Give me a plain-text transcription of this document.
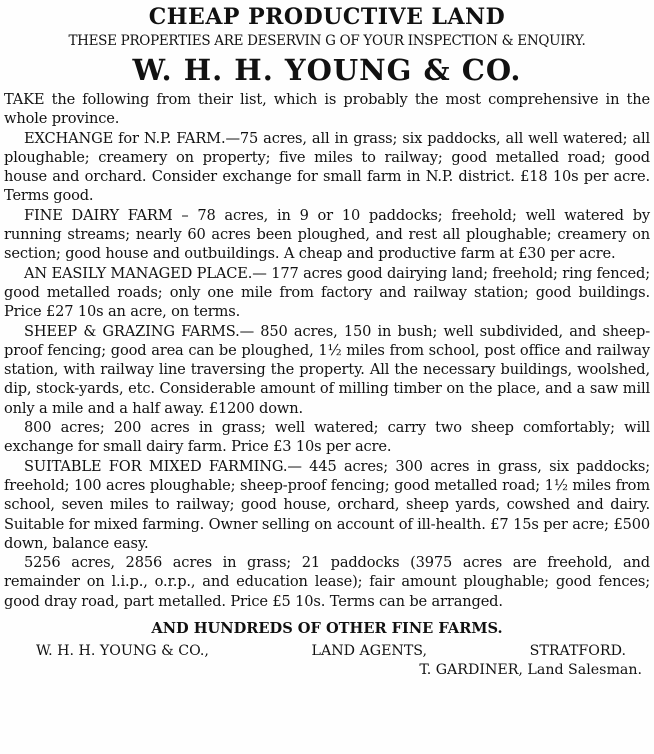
CHEAP PRODUCTIVE LAND
THESE PROPERTIES ARE DESERVIN G OF YOUR INSPECTION & ENQUIRY.
W. H. H. YOUNG & CO.

TAKE the following from their list, which is probably the most comprehensive in the whole province.

EXCHANGE for N.P. FARM.—75 acres, all in grass; six paddocks, all well watered; all ploughable; creamery on property; five miles to railway; good metalled road; good house and orchard. Consider exchange for small farm in N.P. district. £18 10s per acre. Terms good.

FINE DAIRY FARM – 78 acres, in 9 or 10 paddocks; freehold; well watered by running streams; nearly 60 acres been ploughed, and rest all ploughable; creamery on section; good house and outbuildings. A cheap and productive farm at £30 per acre.

AN EASILY MANAGED PLACE.— 177 acres good dairying land; freehold; ring fenced; good metalled roads; only one mile from factory and railway station; good buildings. Price £27 10s an acre, on terms.

SHEEP & GRAZING FARMS.— 850 acres, 150 in bush; well subdivided, and sheep-proof fencing; good area can be ploughed, 1½ miles from school, post office and railway station, with railway line traversing the property. All the necessary buildings, woolshed, dip, stock-yards, etc. Considerable amount of milling timber on the place, and a saw mill only a mile and a half away. £1200 down.

800 acres; 200 acres in grass; well watered; carry two sheep comfortably; will exchange for small dairy farm. Price £3 10s per acre.

SUITABLE FOR MIXED FARMING.— 445 acres; 300 acres in grass, six paddocks; freehold; 100 acres ploughable; sheep-proof fencing; good metalled road; 1½ miles from school, seven miles to railway; good house, orchard, sheep yards, cowshed and dairy. Suitable for mixed farming. Owner selling on account of ill-health. £7 15s per acre; £500 down, balance easy.

5256 acres, 2856 acres in grass; 21 paddocks (3975 acres are freehold, and remainder on l.i.p., o.r.p., and education lease); fair amount ploughable; good fences; good dray road, part metalled. Price £5 10s. Terms can be arranged.

AND HUNDREDS OF OTHER FINE FARMS.
W. H. H. YOUNG & CO.,	LAND AGENTS,	STRATFORD.
T. GARDINER, Land Salesman.
